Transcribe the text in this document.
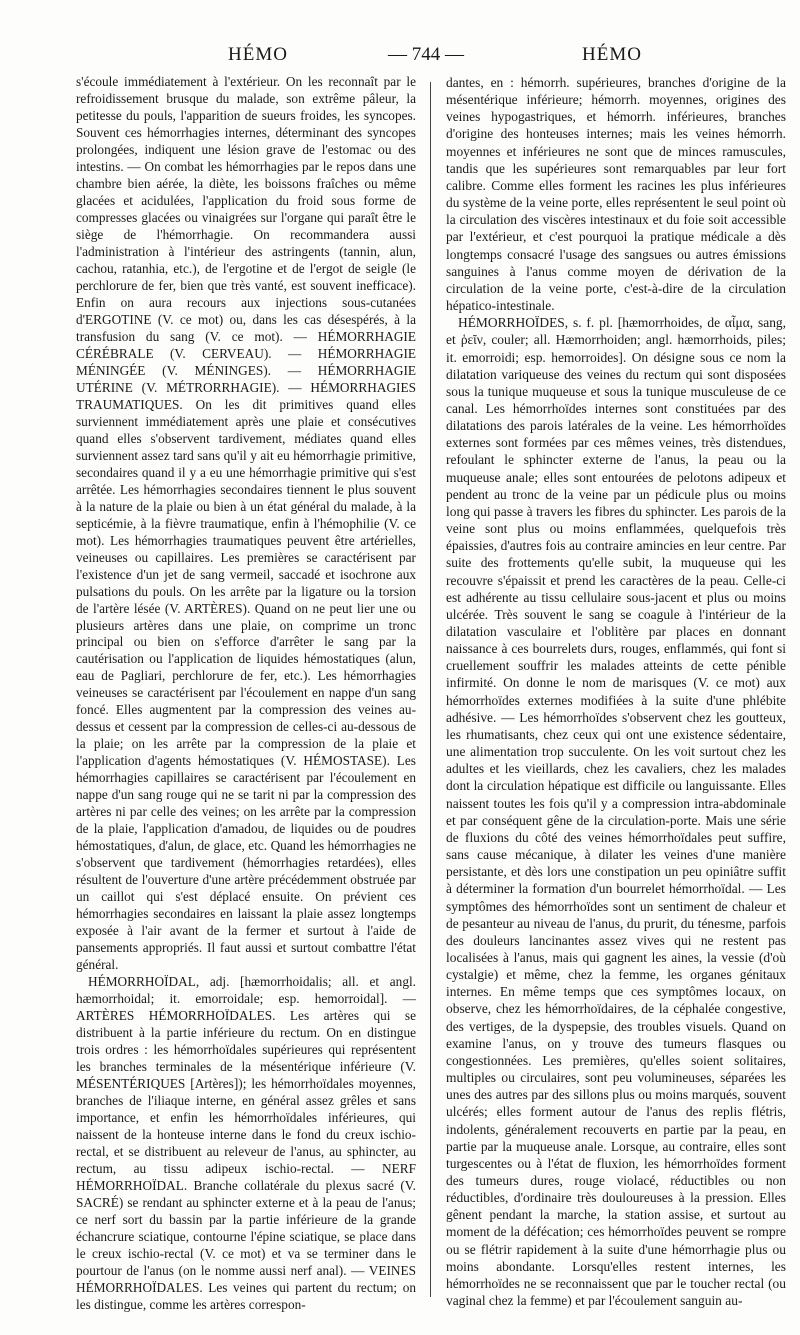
HÉMO	— 744 —	HÉMO

s'écoule immédiatement à l'extérieur. On les reconnaît par le refroidissement brusque du malade, son extrême pâleur, la petitesse du pouls, l'apparition de sueurs froides, les syncopes. Souvent ces hémorrhagies internes, déterminant des syncopes prolongées, indiquent une lésion grave de l'estomac ou des intestins. — On combat les hémorrhagies par le repos dans une chambre bien aérée, la diète, les boissons fraîches ou même glacées et acidulées, l'application du froid sous forme de compresses glacées ou vinaigrées sur l'organe qui paraît être le siège de l'hémorrhagie. On recommandera aussi l'administration à l'intérieur des astringents (tannin, alun, cachou, ratanhia, etc.), de l'ergotine et de l'ergot de seigle (le perchlorure de fer, bien que très vanté, est souvent inefficace). Enfin on aura recours aux injections sous-cutanées d'ERGOTINE (V. ce mot) ou, dans les cas désespérés, à la transfusion du sang (V. ce mot). — HÉMORRHAGIE CÉRÉBRALE (V. CERVEAU). — HÉMORRHAGIE MÉNINGÉE (V. MÉNINGES). — HÉMORRHAGIE UTÉRINE (V. MÉTRORRHAGIE). — HÉMORRHAGIES TRAUMATIQUES. On les dit primitives quand elles surviennent immédiatement après une plaie et consécutives quand elles s'observent tardivement, médiates quand elles surviennent assez tard sans qu'il y ait eu hémorrhagie primitive, secondaires quand il y a eu une hémorrhagie primitive qui s'est arrêtée. Les hémorrhagies secondaires tiennent le plus souvent à la nature de la plaie ou bien à un état général du malade, à la septicémie, à la fièvre traumatique, enfin à l'hémophilie (V. ce mot). Les hémorrhagies traumatiques peuvent être artérielles, veineuses ou capillaires. Les premières se caractérisent par l'existence d'un jet de sang vermeil, saccadé et isochrone aux pulsations du pouls. On les arrête par la ligature ou la torsion de l'artère lésée (V. ARTÈRES). Quand on ne peut lier une ou plusieurs artères dans une plaie, on comprime un tronc principal ou bien on s'efforce d'arrêter le sang par la cautérisation ou l'application de liquides hémostatiques (alun, eau de Pagliari, perchlorure de fer, etc.). Les hémorrhagies veineuses se caractérisent par l'écoulement en nappe d'un sang foncé. Elles augmentent par la compression des veines au-dessus et cessent par la compression de celles-ci au-dessous de la plaie; on les arrête par la compression de la plaie et l'application d'agents hémostatiques (V. HÉMOSTASE). Les hémorrhagies capillaires se caractérisent par l'écoulement en nappe d'un sang rouge qui ne se tarit ni par la compression des artères ni par celle des veines; on les arrête par la compression de la plaie, l'application d'amadou, de liquides ou de poudres hémostatiques, d'alun, de glace, etc. Quand les hémorrhagies ne s'observent que tardivement (hémorrhagies retardées), elles résultent de l'ouverture d'une artère précédemment obstruée par un caillot qui s'est déplacé ensuite. On prévient ces hémorrhagies secondaires en laissant la plaie assez longtemps exposée à l'air avant de la fermer et surtout à l'aide de pansements appropriés. Il faut aussi et surtout combattre l'état général.

HÉMORRHOÏDAL, adj. [hæmorrhoidalis; all. et angl. hæmorrhoidal; it. emorroidale; esp. hemorroidal]. — ARTÈRES HÉMORRHOÏDALES. Les artères qui se distribuent à la partie inférieure du rectum. On en distingue trois ordres : les hémorrhoïdales supérieures qui représentent les branches terminales de la mésentérique inférieure (V. MÉSENTÉRIQUES [Artères]); les hémorrhoïdales moyennes, branches de l'iliaque interne, en général assez grêles et sans importance, et enfin les hémorrhoïdales inférieures, qui naissent de la honteuse interne dans le fond du creux ischio-rectal, et se distribuent au releveur de l'anus, au sphincter, au rectum, au tissu adipeux ischio-rectal. — NERF HÉMORRHOÏDAL. Branche collatérale du plexus sacré (V. SACRÉ) se rendant au sphincter externe et à la peau de l'anus; ce nerf sort du bassin par la partie inférieure de la grande échancrure sciatique, contourne l'épine sciatique, se place dans le creux ischio-rectal (V. ce mot) et va se terminer dans le pourtour de l'anus (on le nomme aussi nerf anal). — VEINES HÉMORRHOÏDALES. Les veines qui partent du rectum; on les distingue, comme les artères correspon-

dantes, en : hémorrh. supérieures, branches d'origine de la mésentérique inférieure; hémorrh. moyennes, origines des veines hypogastriques, et hémorrh. inférieures, branches d'origine des honteuses internes; mais les veines hémorrh. moyennes et inférieures ne sont que de minces ramuscules, tandis que les supérieures sont remarquables par leur fort calibre. Comme elles forment les racines les plus inférieures du système de la veine porte, elles représentent le seul point où la circulation des viscères intestinaux et du foie soit accessible par l'extérieur, et c'est pourquoi la pratique médicale a dès longtemps consacré l'usage des sangsues ou autres émissions sanguines à l'anus comme moyen de dérivation de la circulation de la veine porte, c'est-à-dire de la circulation hépatico-intestinale.

HÉMORRHOÏDES, s. f. pl. [hæmorrhoides, de αἷμα, sang, et ῥεῖν, couler; all. Hæmorrhoiden; angl. hæmorrhoids, piles; it. emorroidi; esp. hemorroides]. On désigne sous ce nom la dilatation variqueuse des veines du rectum qui sont disposées sous la tunique muqueuse et sous la tunique musculeuse de ce canal. Les hémorrhoïdes internes sont constituées par des dilatations des parois latérales de la veine. Les hémorrhoïdes externes sont formées par ces mêmes veines, très distendues, refoulant le sphincter externe de l'anus, la peau ou la muqueuse anale; elles sont entourées de pelotons adipeux et pendent au tronc de la veine par un pédicule plus ou moins long qui passe à travers les fibres du sphincter. Les parois de la veine sont plus ou moins enflammées, quelquefois très épaissies, d'autres fois au contraire amincies en leur centre. Par suite des frottements qu'elle subit, la muqueuse qui les recouvre s'épaissit et prend les caractères de la peau. Celle-ci est adhérente au tissu cellulaire sous-jacent et plus ou moins ulcérée. Très souvent le sang se coagule à l'intérieur de la dilatation vasculaire et l'oblitère par places en donnant naissance à ces bourrelets durs, rouges, enflammés, qui font si cruellement souffrir les malades atteints de cette pénible infirmité. On donne le nom de marisques (V. ce mot) aux hémorrhoïdes externes modifiées à la suite d'une phlébite adhésive. — Les hémorrhoïdes s'observent chez les goutteux, les rhumatisants, chez ceux qui ont une existence sédentaire, une alimentation trop succulente. On les voit surtout chez les adultes et les vieillards, chez les cavaliers, chez les malades dont la circulation hépatique est difficile ou languissante. Elles naissent toutes les fois qu'il y a compression intra-abdominale et par conséquent gêne de la circulation-porte. Mais une série de fluxions du côté des veines hémorrhoïdales peut suffire, sans cause mécanique, à dilater les veines d'une manière persistante, et dès lors une constipation un peu opiniâtre suffit à déterminer la formation d'un bourrelet hémorrhoïdal. — Les symptômes des hémorrhoïdes sont un sentiment de chaleur et de pesanteur au niveau de l'anus, du prurit, du ténesme, parfois des douleurs lancinantes assez vives qui ne restent pas localisées à l'anus, mais qui gagnent les aines, la vessie (d'où cystalgie) et même, chez la femme, les organes génitaux internes. En même temps que ces symptômes locaux, on observe, chez les hémorrhoïdaires, de la céphalée congestive, des vertiges, de la dyspepsie, des troubles visuels. Quand on examine l'anus, on y trouve des tumeurs flasques ou congestionnées. Les premières, qu'elles soient solitaires, multiples ou circulaires, sont peu volumineuses, séparées les unes des autres par des sillons plus ou moins marqués, souvent ulcérés; elles forment autour de l'anus des replis flétris, indolents, généralement recouverts en partie par la peau, en partie par la muqueuse anale. Lorsque, au contraire, elles sont turgescentes ou à l'état de fluxion, les hémorrhoïdes forment des tumeurs dures, rouge violacé, réductibles ou non réductibles, d'ordinaire très douloureuses à la pression. Elles gênent pendant la marche, la station assise, et surtout au moment de la défécation; ces hémorrhoïdes peuvent se rompre ou se flétrir rapidement à la suite d'une hémorrhagie plus ou moins abondante. Lorsqu'elles restent internes, les hémorrhoïdes ne se reconnaissent que par le toucher rectal (ou vaginal chez la femme) et par l'écoulement sanguin au-
